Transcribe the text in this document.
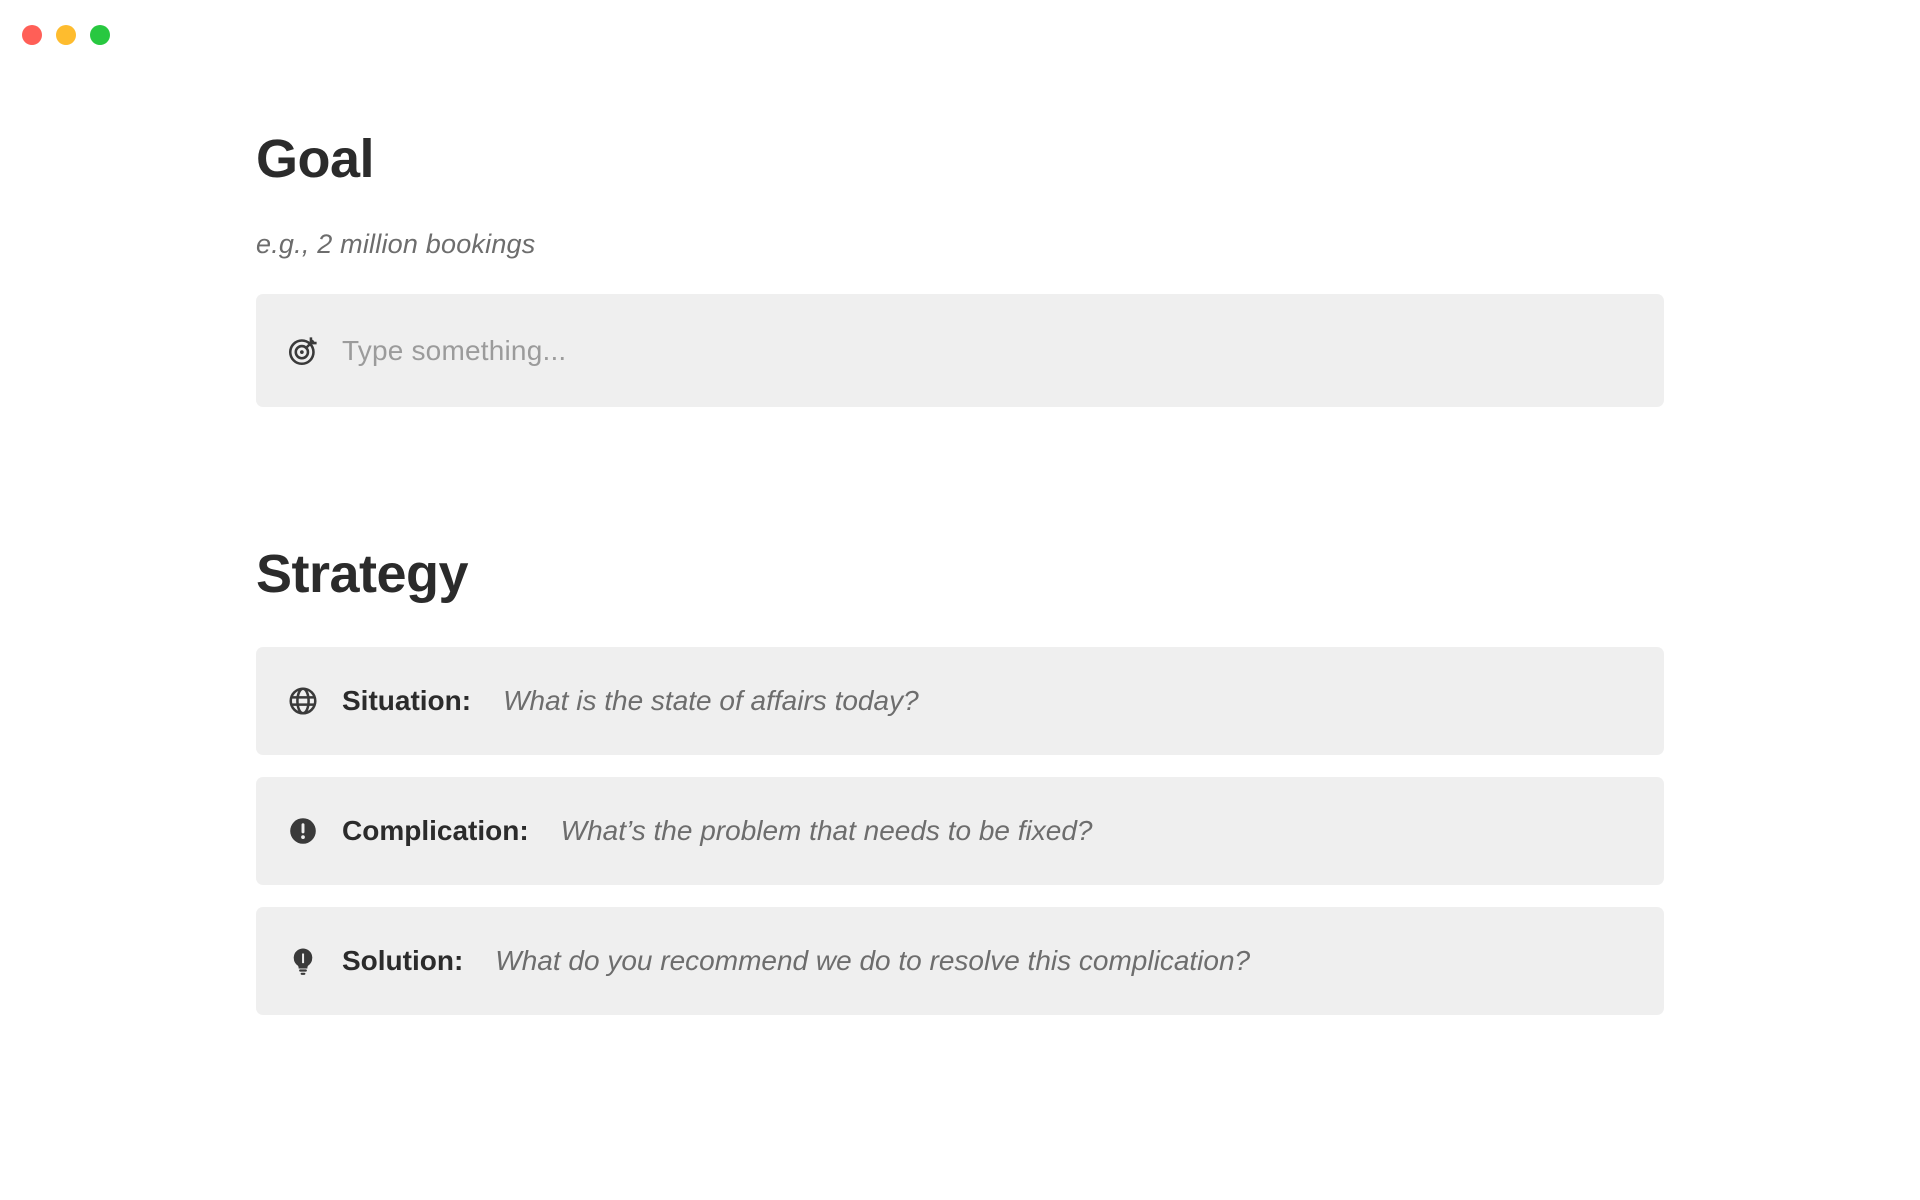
Goal

e.g., 2 million bookings

Type something...
Strategy
Situation: What is the state of affairs today?
Complication: What’s the problem that needs to be fixed?
Solution: What do you recommend we do to resolve this complication?
